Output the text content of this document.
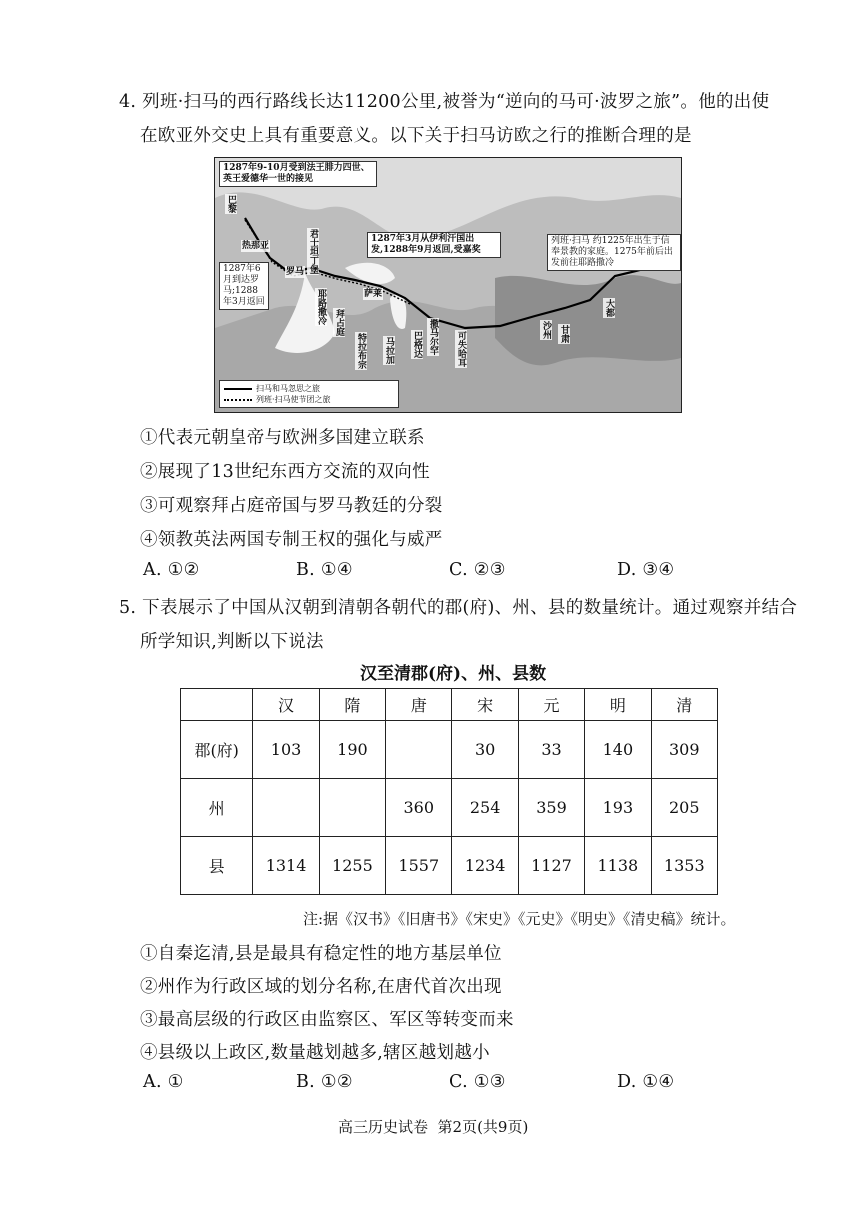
4. 列班·扫马的西行路线长达11200公里,被誉为“逆向的马可·波罗之旅”。他的出使
在欧亚外交史上具有重要意义。以下关于扫马访欧之行的推断合理的是
1287年9-10月受到法王腓力四世、英王爱德华一世的接见
1287年3月从伊利汗国出发,1288年9月返回,受嘉奖
列班·扫马 约1225年出生于信奉景教的家庭。1275年前后出发前往耶路撒冷
1287年6月到达罗马;1288年3月返回
巴黎
热那亚
罗马 君士坦丁堡
耶路撒冷	萨莱
撒马尔罕 可失哈耳
沙州 甘肃
大都
拜占庭
特拉布宗 马拉加 巴格达
扫马和马忽思之旅
列班·扫马使节团之旅
①代表元朝皇帝与欧洲多国建立联系
②展现了13世纪东西方交流的双向性
③可观察拜占庭帝国与罗马教廷的分裂
④领教英法两国专制王权的强化与威严
A. ①②	B. ①④	C. ②③	D. ③④
5. 下表展示了中国从汉朝到清朝各朝代的郡(府)、州、县的数量统计。通过观察并结合
所学知识,判断以下说法
汉至清郡(府)、州、县数
	汉	隋	唐	宋	元	明	清
郡(府)	103	190		30	33	140	309
州			360	254	359	193	205
县	1314	1255	1557	1234	1127	1138	1353
注:据《汉书》《旧唐书》《宋史》《元史》《明史》《清史稿》统计。
①自秦迄清,县是最具有稳定性的地方基层单位
②州作为行政区域的划分名称,在唐代首次出现
③最高层级的行政区由监察区、军区等转变而来
④县级以上政区,数量越划越多,辖区越划越小
A. ①	B. ①②	C. ①③	D. ①④
高三历史试卷  第2页(共9页)
